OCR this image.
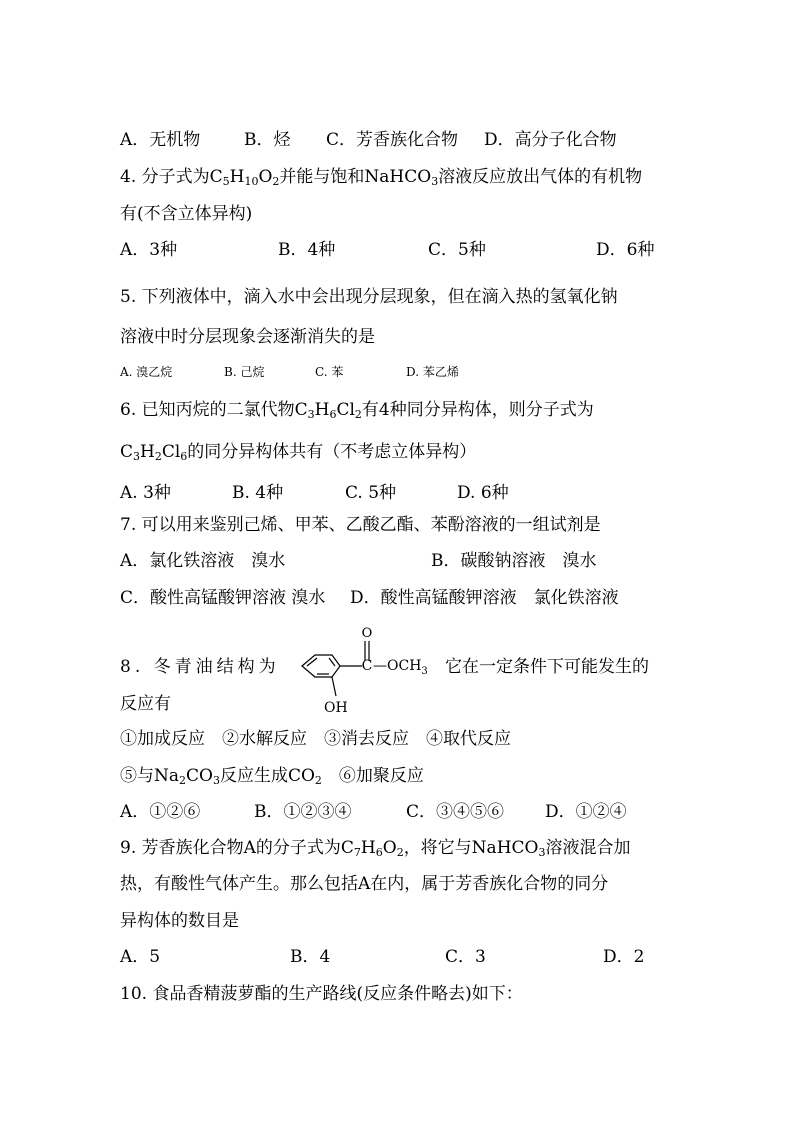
A．无机物	B．烃 C．芳香族化合物 D．高分子化合物
4. 分子式为$C_5H_{10}O_2$并能与饱和NaHCO$_3$溶液反应放出气体的有机物
有(不含立体异构)
A．3种	B．4种	C．5种	D．6种
5. 下列液体中，滴入水中会出现分层现象，但在滴入热的氢氧化钠
溶液中时分层现象会逐渐消失的是
A. 溴乙烷	B. 己烷	C. 苯	D. 苯乙烯
6. 已知丙烷的二氯代物$C_3H_6Cl_2$有4种同分异构体，则分子式为
$C_3H_2Cl_6$的同分异构体共有（不考虑立体异构）
A. 3种	B. 4种	C. 5种	D. 6种
7. 可以用来鉴别己烯、甲苯、乙酸乙酯、苯酚溶液的一组试剂是
A．氯化铁溶液　溴水	B．碳酸钠溶液　溴水
C．酸性高锰酸钾溶液 溴水 D．酸性高锰酸钾溶液　氯化铁溶液
8. 冬青油结构为	它在一定条件下可能发生的
反应有
C
O
$—OCH_3$
OH
①加成反应　②水解反应　③消去反应　④取代反应
⑤与$Na_2CO_3$反应生成$CO_2$　⑥加聚反应
A．①②⑥	B．①②③④	C．③④⑤⑥ D．①②④
9. 芳香族化合物A的分子式为$C_7H_6O_2$，将它与NaHCO$_3$溶液混合加
热，有酸性气体产生。那么包括A在内，属于芳香族化合物的同分
异构体的数目是
A．5	B．4	C．3	D．2
10. 食品香精菠萝酯的生产路线(反应条件略去)如下：
